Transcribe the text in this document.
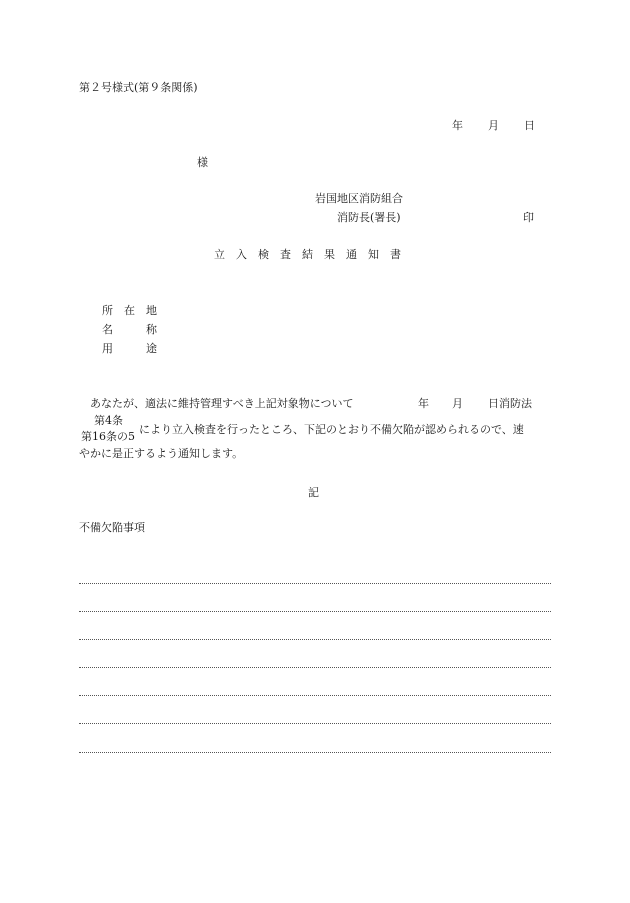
第２号様式(第９条関係)
年 月 日
様
岩国地区消防組合
消防長(署長)	印
立　入　検　査　結　果　通　知　書
所　在　地
名　　　称
用　　　途
あなたが、適法に維持管理すべき上記対象物について	年 月 日消防法
第4条
第16条の5
により立入検査を行ったところ、下記のとおり不備欠陥が認められるので、速
やかに是正するよう通知します。
記
不備欠陥事項
